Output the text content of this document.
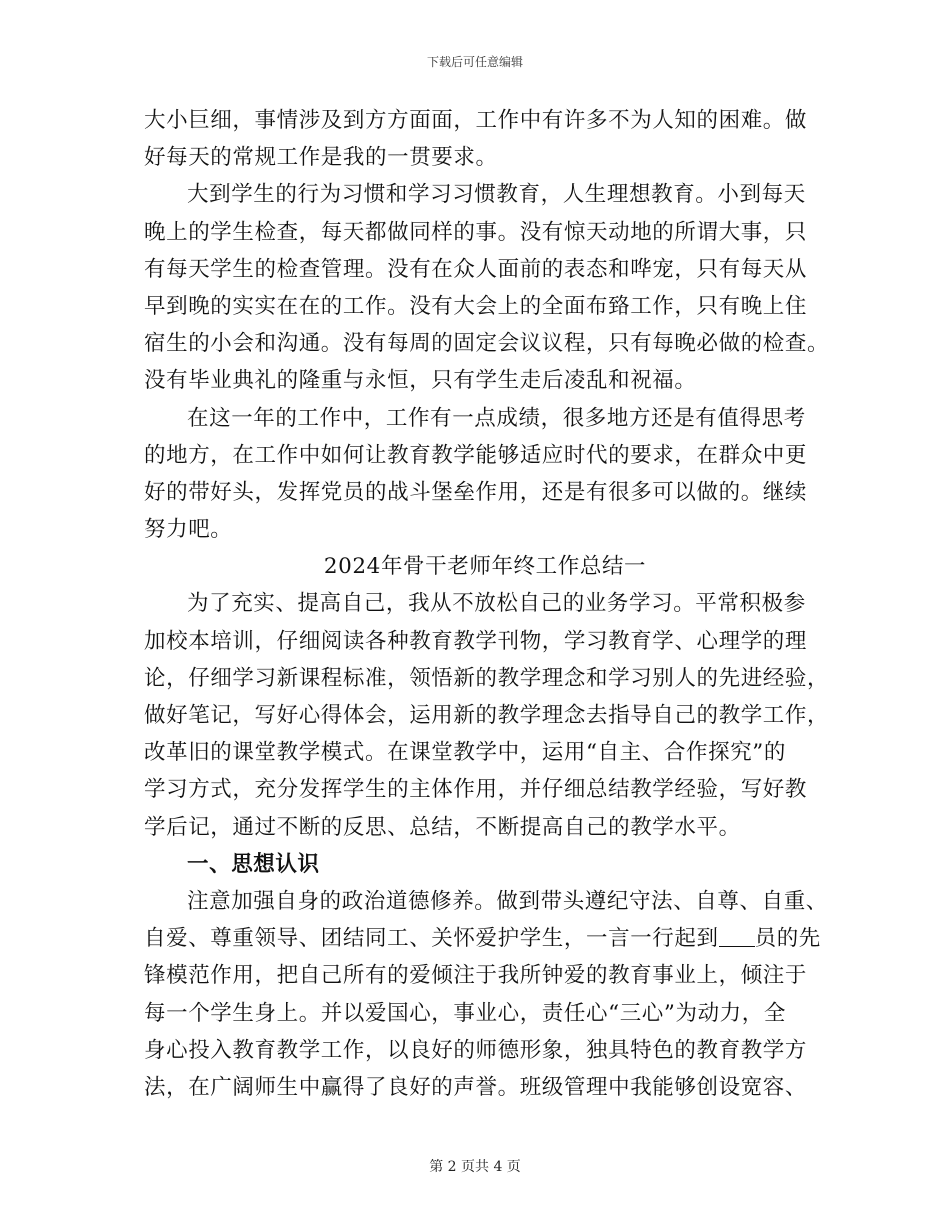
下载后可任意编辑
大小巨细，事情涉及到方方面面，工作中有许多不为人知的困难。做
好每天的常规工作是我的一贯要求。
大到学生的行为习惯和学习习惯教育，人生理想教育。小到每天
晚上的学生检查，每天都做同样的事。没有惊天动地的所谓大事，只
有每天学生的检查管理。没有在众人面前的表态和哗宠，只有每天从
早到晚的实实在在的工作。没有大会上的全面布臵工作，只有晚上住
宿生的小会和沟通。没有每周的固定会议议程，只有每晚必做的检查。
没有毕业典礼的隆重与永恒，只有学生走后凌乱和祝福。
在这一年的工作中，工作有一点成绩，很多地方还是有值得思考
的地方，在工作中如何让教育教学能够适应时代的要求，在群众中更
好的带好头，发挥党员的战斗堡垒作用，还是有很多可以做的。继续
努力吧。
2024年骨干老师年终工作总结一
为了充实、提高自己，我从不放松自己的业务学习。平常积极参
加校本培训，仔细阅读各种教育教学刊物，学习教育学、心理学的理
论，仔细学习新课程标准，领悟新的教学理念和学习别人的先进经验，
做好笔记，写好心得体会，运用新的教学理念去指导自己的教学工作，
改革旧的课堂教学模式。在课堂教学中，运用“自主、合作探究”的
学习方式，充分发挥学生的主体作用，并仔细总结教学经验，写好教
学后记，通过不断的反思、总结，不断提高自己的教学水平。
一、思想认识
注意加强自身的政治道德修养。做到带头遵纪守法、自尊、自重、
自爱、尊重领导、团结同工、关怀爱护学生，一言一行起到 员的先
锋模范作用，把自己所有的爱倾注于我所钟爱的教育事业上，倾注于
每一个学生身上。并以爱国心，事业心，责任心“三心”为动力，全
身心投入教育教学工作，以良好的师德形象，独具特色的教育教学方
法，在广阔师生中赢得了良好的声誉。班级管理中我能够创设宽容、
第 2 页共 4 页
